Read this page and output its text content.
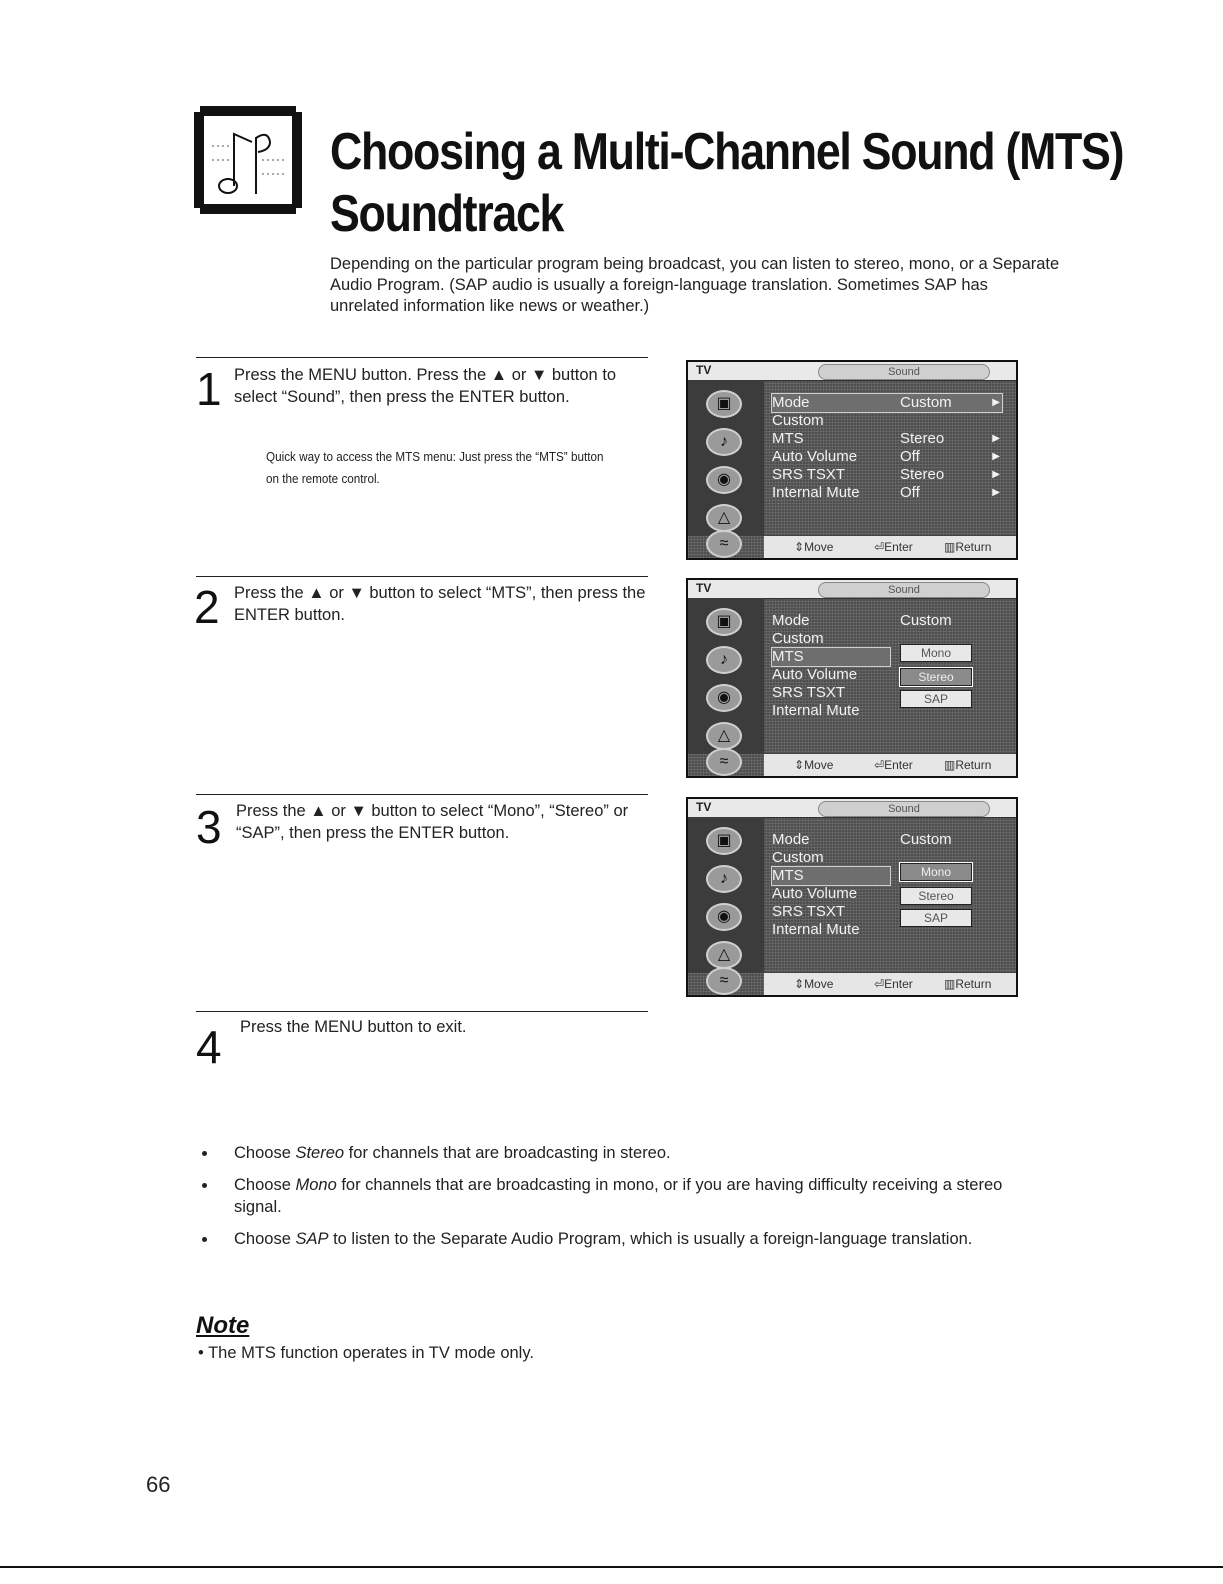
Choosing a Multi-Channel Sound (MTS)
Soundtrack
Depending on the particular program being broadcast, you can listen to stereo, mono, or a Separate Audio Program. (SAP audio is usually a foreign-language translation. Sometimes SAP has unrelated information like news or weather.)
1 Press the MENU button. Press the ▲ or ▼ button to select “Sound”, then press the ENTER button.
Quick way to access the MTS menu: Just press the “MTS” button on the remote control.
2 Press the ▲ or ▼ button to select “MTS”, then press the ENTER button.
3 Press the ▲ or ▼ button to select “Mono”, “Stereo” or “SAP”, then press the ENTER button.
4 Press the MENU button to exit.
TV	Sound
▣
♪
◉
△
≈
Mode	Custom	▶
Custom
MTS	Stereo	▶
Auto Volume	Off	▶
SRS TSXT	Stereo	▶
Internal Mute	Off	▶
⇕ Move	⏎ Enter	▥ Return
TV	Sound
▣
♪
◉
△
≈
Mode	Custom
Custom
MTS
Auto Volume
SRS TSXT
Internal Mute
Mono
Stereo
SAP
⇕ Move	⏎ Enter	▥ Return
TV	Sound
▣
♪
◉
△
≈
Mode	Custom
Custom
MTS
Auto Volume
SRS TSXT
Internal Mute
Mono
Stereo
SAP
⇕ Move	⏎ Enter	▥ Return
Choose Stereo for channels that are broadcasting in stereo.
Choose Mono for channels that are broadcasting in mono, or if you are having difficulty receiving a stereo signal.
Choose SAP to listen to the Separate Audio Program, which is usually a foreign-language translation.
Note
• The MTS function operates in TV mode only.
66
